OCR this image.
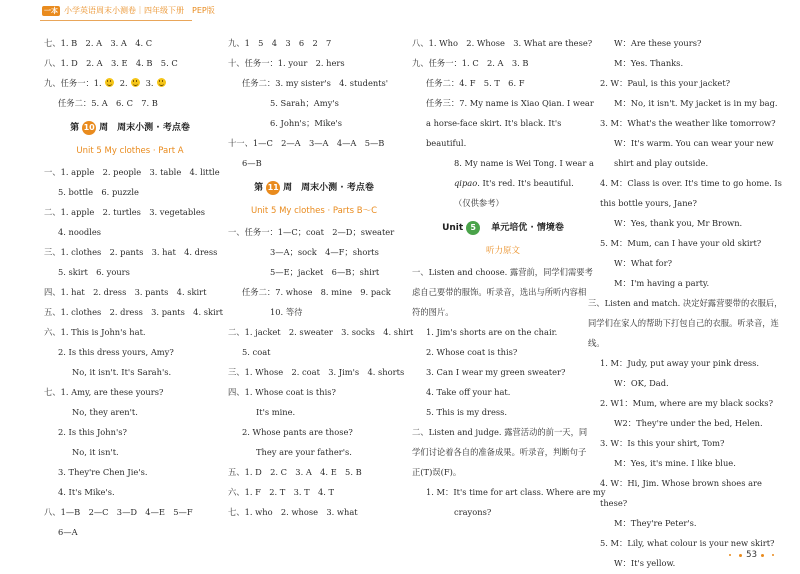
一本 小学英语周末小测卷｜四年级下册　PEP版
七、1. B　2. A　3. A　4. C
八、1. D　2. A　3. E　4. B　5. C
九、任务一：1. 2. 3.
任务二：5. A　6. C　7. B
第 10 周　周末小测 · 考点卷
Unit 5 My clothes · Part A
一、1. apple　2. people　3. table　4. little
5. bottle　6. puzzle
二、1. apple　2. turtles　3. vegetables
4. noodles
三、1. clothes　2. pants　3. hat　4. dress
5. skirt　6. yours
四、1. hat　2. dress　3. pants　4. skirt
五、1. clothes　2. dress　3. pants　4. skirt
六、1. This is John's hat.
2. Is this dress yours, Amy?
No, it isn't. It's Sarah's.
七、1. Amy, are these yours?
No, they aren't.
2. Is this John's?
No, it isn't.
3. They're Chen Jie's.
4. It's Mike's.
八、1—B　2—C　3—D　4—E　5—F
6—A
九、1　5　4　3　6　2　7
十、任务一：1. your　2. hers
任务二：3. my sister's　4. students'
5. Sarah；Amy's
6. John's；Mike's
十一、1—C　2—A　3—A　4—A　5—B
6—B
第 11 周　周末小测 · 考点卷
Unit 5 My clothes · Parts B～C
一、任务一：1—C；coat　2—D；sweater
3—A；sock　4—F；shorts
5—E；jacket　6—B；shirt
任务二：7. whose　8. mine　9. pack
10. 等待
二、1. jacket　2. sweater　3. socks　4. shirt
5. coat
三、1. Whose　2. coat　3. Jim's　4. shorts
四、1. Whose coat is this?
It's mine.
2. Whose pants are those?
They are your father's.
五、1. D　2. C　3. A　4. E　5. B
六、1. F　2. T　3. T　4. T
七、1. who　2. whose　3. what
八、1. Who　2. Whose　3. What are these?
九、任务一：1. C　2. A　3. B
任务二：4. F　5. T　6. F
任务三：7. My name is Xiao Qian. I wear a horse-face skirt. It's black. It's beautiful.
8. My name is Wei Tong. I wear a qipao. It's red. It's beautiful.
（仅供参考）
Unit 5	单元培优 · 情境卷
听力原文
一、Listen and choose. 露营前，同学们需要考虑自己要带的服饰。听录音，选出与所听内容相符的图片。
1. Jim's shorts are on the chair.
2. Whose coat is this?
3. Can I wear my green sweater?
4. Take off your hat.
5. This is my dress.
二、Listen and judge. 露营活动的前一天，同学们讨论着各自的准备成果。听录音，判断句子正(T)误(F)。
1. M：It's time for art class. Where are my
crayons?
W：Are these yours?
M：Yes. Thanks.
2. W：Paul, is this your jacket?
M：No, it isn't. My jacket is in my bag.
3. M：What's the weather like tomorrow?
W：It's warm. You can wear your new shirt and play outside.
4. M：Class is over. It's time to go home. Is this bottle yours, Jane?
W：Yes, thank you, Mr Brown.
5. M：Mum, can I have your old skirt?
W：What for?
M：I'm having a party.
三、Listen and match. 决定好露营要带的衣服后，同学们在家人的帮助下打包自己的衣服。听录音，连线。
1. M：Judy, put away your pink dress.
W：OK, Dad.
2. W1：Mum, where are my black socks?
W2：They're under the bed, Helen.
3. W：Is this your shirt, Tom?
M：Yes, it's mine. I like blue.
4. W：Hi, Jim. Whose brown shoes are these?
M：They're Peter's.
5. M：Lily, what colour is your new skirt?
W：It's yellow.
53
